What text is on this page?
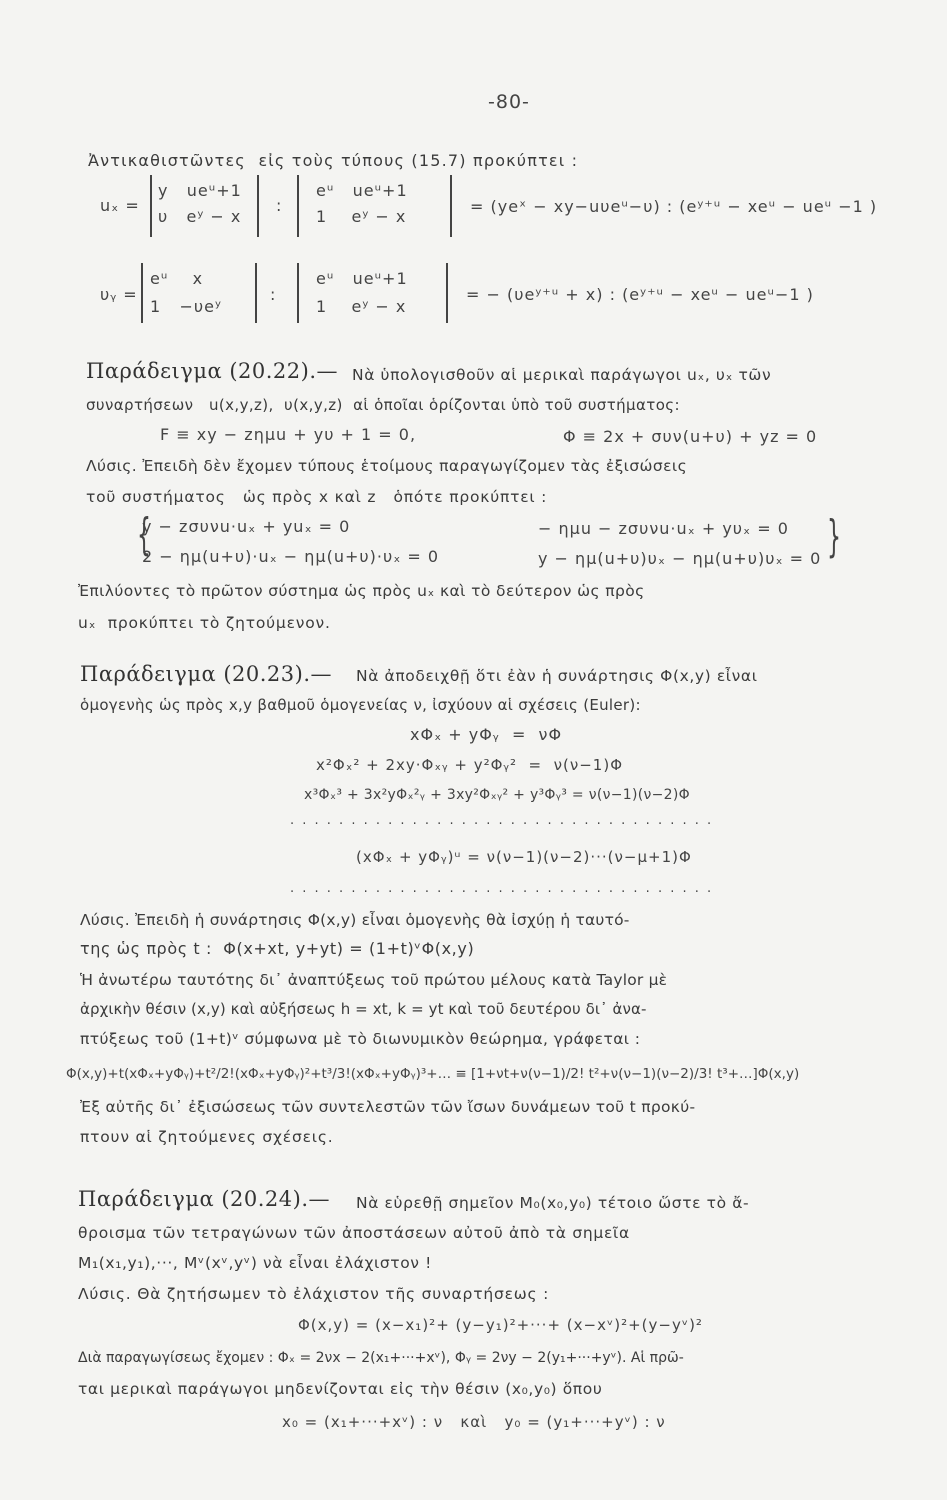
-80-
Ἀντικαθιστῶντες  εἰς τοὺς τύπους (15.7) προκύπτει :
uₓ =
y   ueᵘ+1
υ   eʸ − x
:
eᵘ   ueᵘ+1
1    eʸ − x
= (yeˣ − xy−uυeᵘ−υ) : (eʸ⁺ᵘ − xeᵘ − ueᵘ −1 )
υᵧ =
eᵘ    x
1   −υeʸ
:
eᵘ   ueᵘ+1
1    eʸ − x
= − (υeʸ⁺ᵘ + x) : (eʸ⁺ᵘ − xeᵘ − ueᵘ−1 )
Παράδειγμα (20.22).— Νὰ ὑπολογισθοῦν αἱ μερικαὶ παράγωγοι uₓ, υₓ τῶν
συναρτήσεων   u(x,y,z),  υ(x,y,z)  αἱ ὁποῖαι ὁρίζονται ὑπὸ τοῦ συστήματος:
F ≡ xy − zημu + yυ + 1 = 0,	Φ ≡ 2x + συν(u+υ) + yz = 0
Λύσις. Ἐπειδὴ δὲν ἔχομεν τύπους ἑτοίμους παραγωγίζομεν τὰς ἐξισώσεις
τοῦ συστήματος   ὡς πρὸς x καὶ z   ὁπότε προκύπτει :
{
y − zσυνu·uₓ + yuₓ = 0	− ημu − zσυνu·uₓ + yυₓ = 0
2 − ημ(u+υ)·uₓ − ημ(u+υ)·υₓ = 0	y − ημ(u+υ)υₓ − ημ(u+υ)υₓ = 0 }
Ἐπιλύοντες τὸ πρῶτον σύστημα ὡς πρὸς uₓ καὶ τὸ δεύτερον ὡς πρὸς
uₓ  προκύπτει τὸ ζητούμενον.
Παράδειγμα (20.23).— Νὰ ἀποδειχθῇ ὅτι ἐὰν ἡ συνάρτησις Φ(x,y) εἶναι
ὁμογενὴς ὡς πρὸς x,y βαθμοῦ ὁμογενείας ν, ἰσχύουν αἱ σχέσεις (Euler):
xΦₓ + yΦᵧ  =  νΦ
x²Φₓ² + 2xy·Φₓᵧ + y²Φᵧ²  =  ν(ν−1)Φ
x³Φₓ³ + 3x²yΦₓ²ᵧ + 3xy²Φₓᵧ² + y³Φᵧ³ = ν(ν−1)(ν−2)Φ
. . . . . . . . . . . . . . . . . . . . . . . . . . . . . . . . . . .
(xΦₓ + yΦᵧ)ᵘ = ν(ν−1)(ν−2)···(ν−μ+1)Φ
. . . . . . . . . . . . . . . . . . . . . . . . . . . . . . . . . . .
Λύσις. Ἐπειδὴ ἡ συνάρτησις Φ(x,y) εἶναι ὁμογενὴς θὰ ἰσχύῃ ἡ ταυτό-
της ὡς πρὸς t :  Φ(x+xt, y+yt) = (1+t)ᵛΦ(x,y)
Ἡ ἀνωτέρω ταυτότης δι᾽ ἀναπτύξεως τοῦ πρώτου μέλους κατὰ Taylor μὲ
ἀρχικὴν θέσιν (x,y) καὶ αὐξήσεως h = xt, k = yt καὶ τοῦ δευτέρου δι᾽ ἀνα-
πτύξεως τοῦ (1+t)ᵛ σύμφωνα μὲ τὸ διωνυμικὸν θεώρημα, γράφεται :
Φ(x,y)+t(xΦₓ+yΦᵧ)+t²/2!(xΦₓ+yΦᵧ)²+t³/3!(xΦₓ+yΦᵧ)³+… ≡ [1+νt+ν(ν−1)/2! t²+ν(ν−1)(ν−2)/3! t³+…]Φ(x,y)
Ἐξ αὐτῆς δι᾽ ἐξισώσεως τῶν συντελεστῶν τῶν ἴσων δυνάμεων τοῦ t προκύ-
πτουν αἱ ζητούμενες σχέσεις.
Παράδειγμα (20.24).— Νὰ εὑρεθῇ σημεῖον M₀(x₀,y₀) τέτοιο ὥστε τὸ ἄ-
θροισμα τῶν τετραγώνων τῶν ἀποστάσεων αὐτοῦ ἀπὸ τὰ σημεῖα
M₁(x₁,y₁),···, Mᵛ(xᵛ,yᵛ) νὰ εἶναι ἐλάχιστον !
Λύσις. Θὰ ζητήσωμεν τὸ ἐλάχιστον τῆς συναρτήσεως :
Φ(x,y) = (x−x₁)²+ (y−y₁)²+···+ (x−xᵛ)²+(y−yᵛ)²
Διὰ παραγωγίσεως ἔχομεν : Φₓ = 2νx − 2(x₁+···+xᵛ), Φᵧ = 2νy − 2(y₁+···+yᵛ). Αἱ πρῶ-
ται μερικαὶ παράγωγοι μηδενίζονται εἰς τὴν θέσιν (x₀,y₀) ὅπου
x₀ = (x₁+···+xᵛ) : ν   καὶ   y₀ = (y₁+···+yᵛ) : ν
